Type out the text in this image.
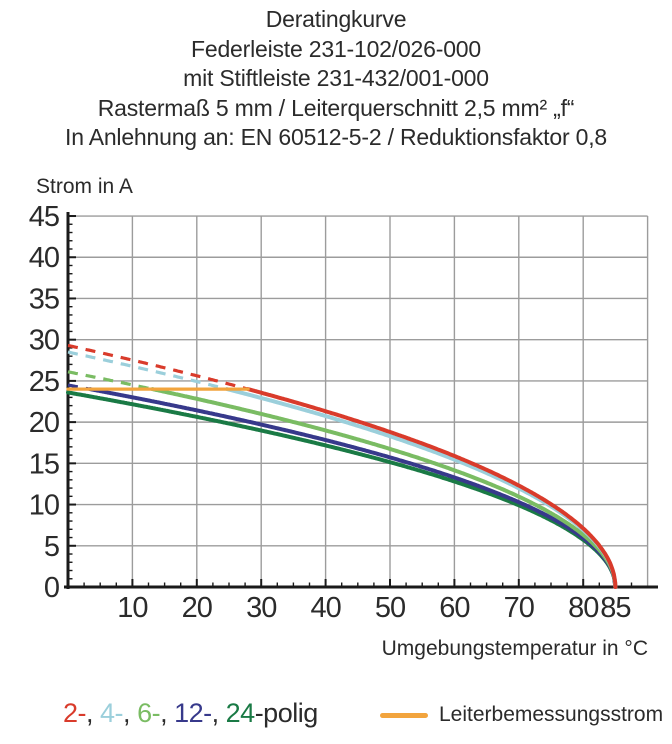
Deratingkurve
Federleiste 231-102/026-000
mit Stiftleiste 231-432/001-000
Rastermaß 5 mm / Leiterquerschnitt 2,5 mm² „f“
In Anlehnung an: EN 60512-5-2 / Reduktionsfaktor 0,8
Strom in A
10 20 30 40 50 60 70 80 85
0
5
10
15
20
25
30
35
40
45
Umgebungstemperatur in °C
2-, 4-, 6-, 12-, 24-polig	Leiterbemessungsstrom
